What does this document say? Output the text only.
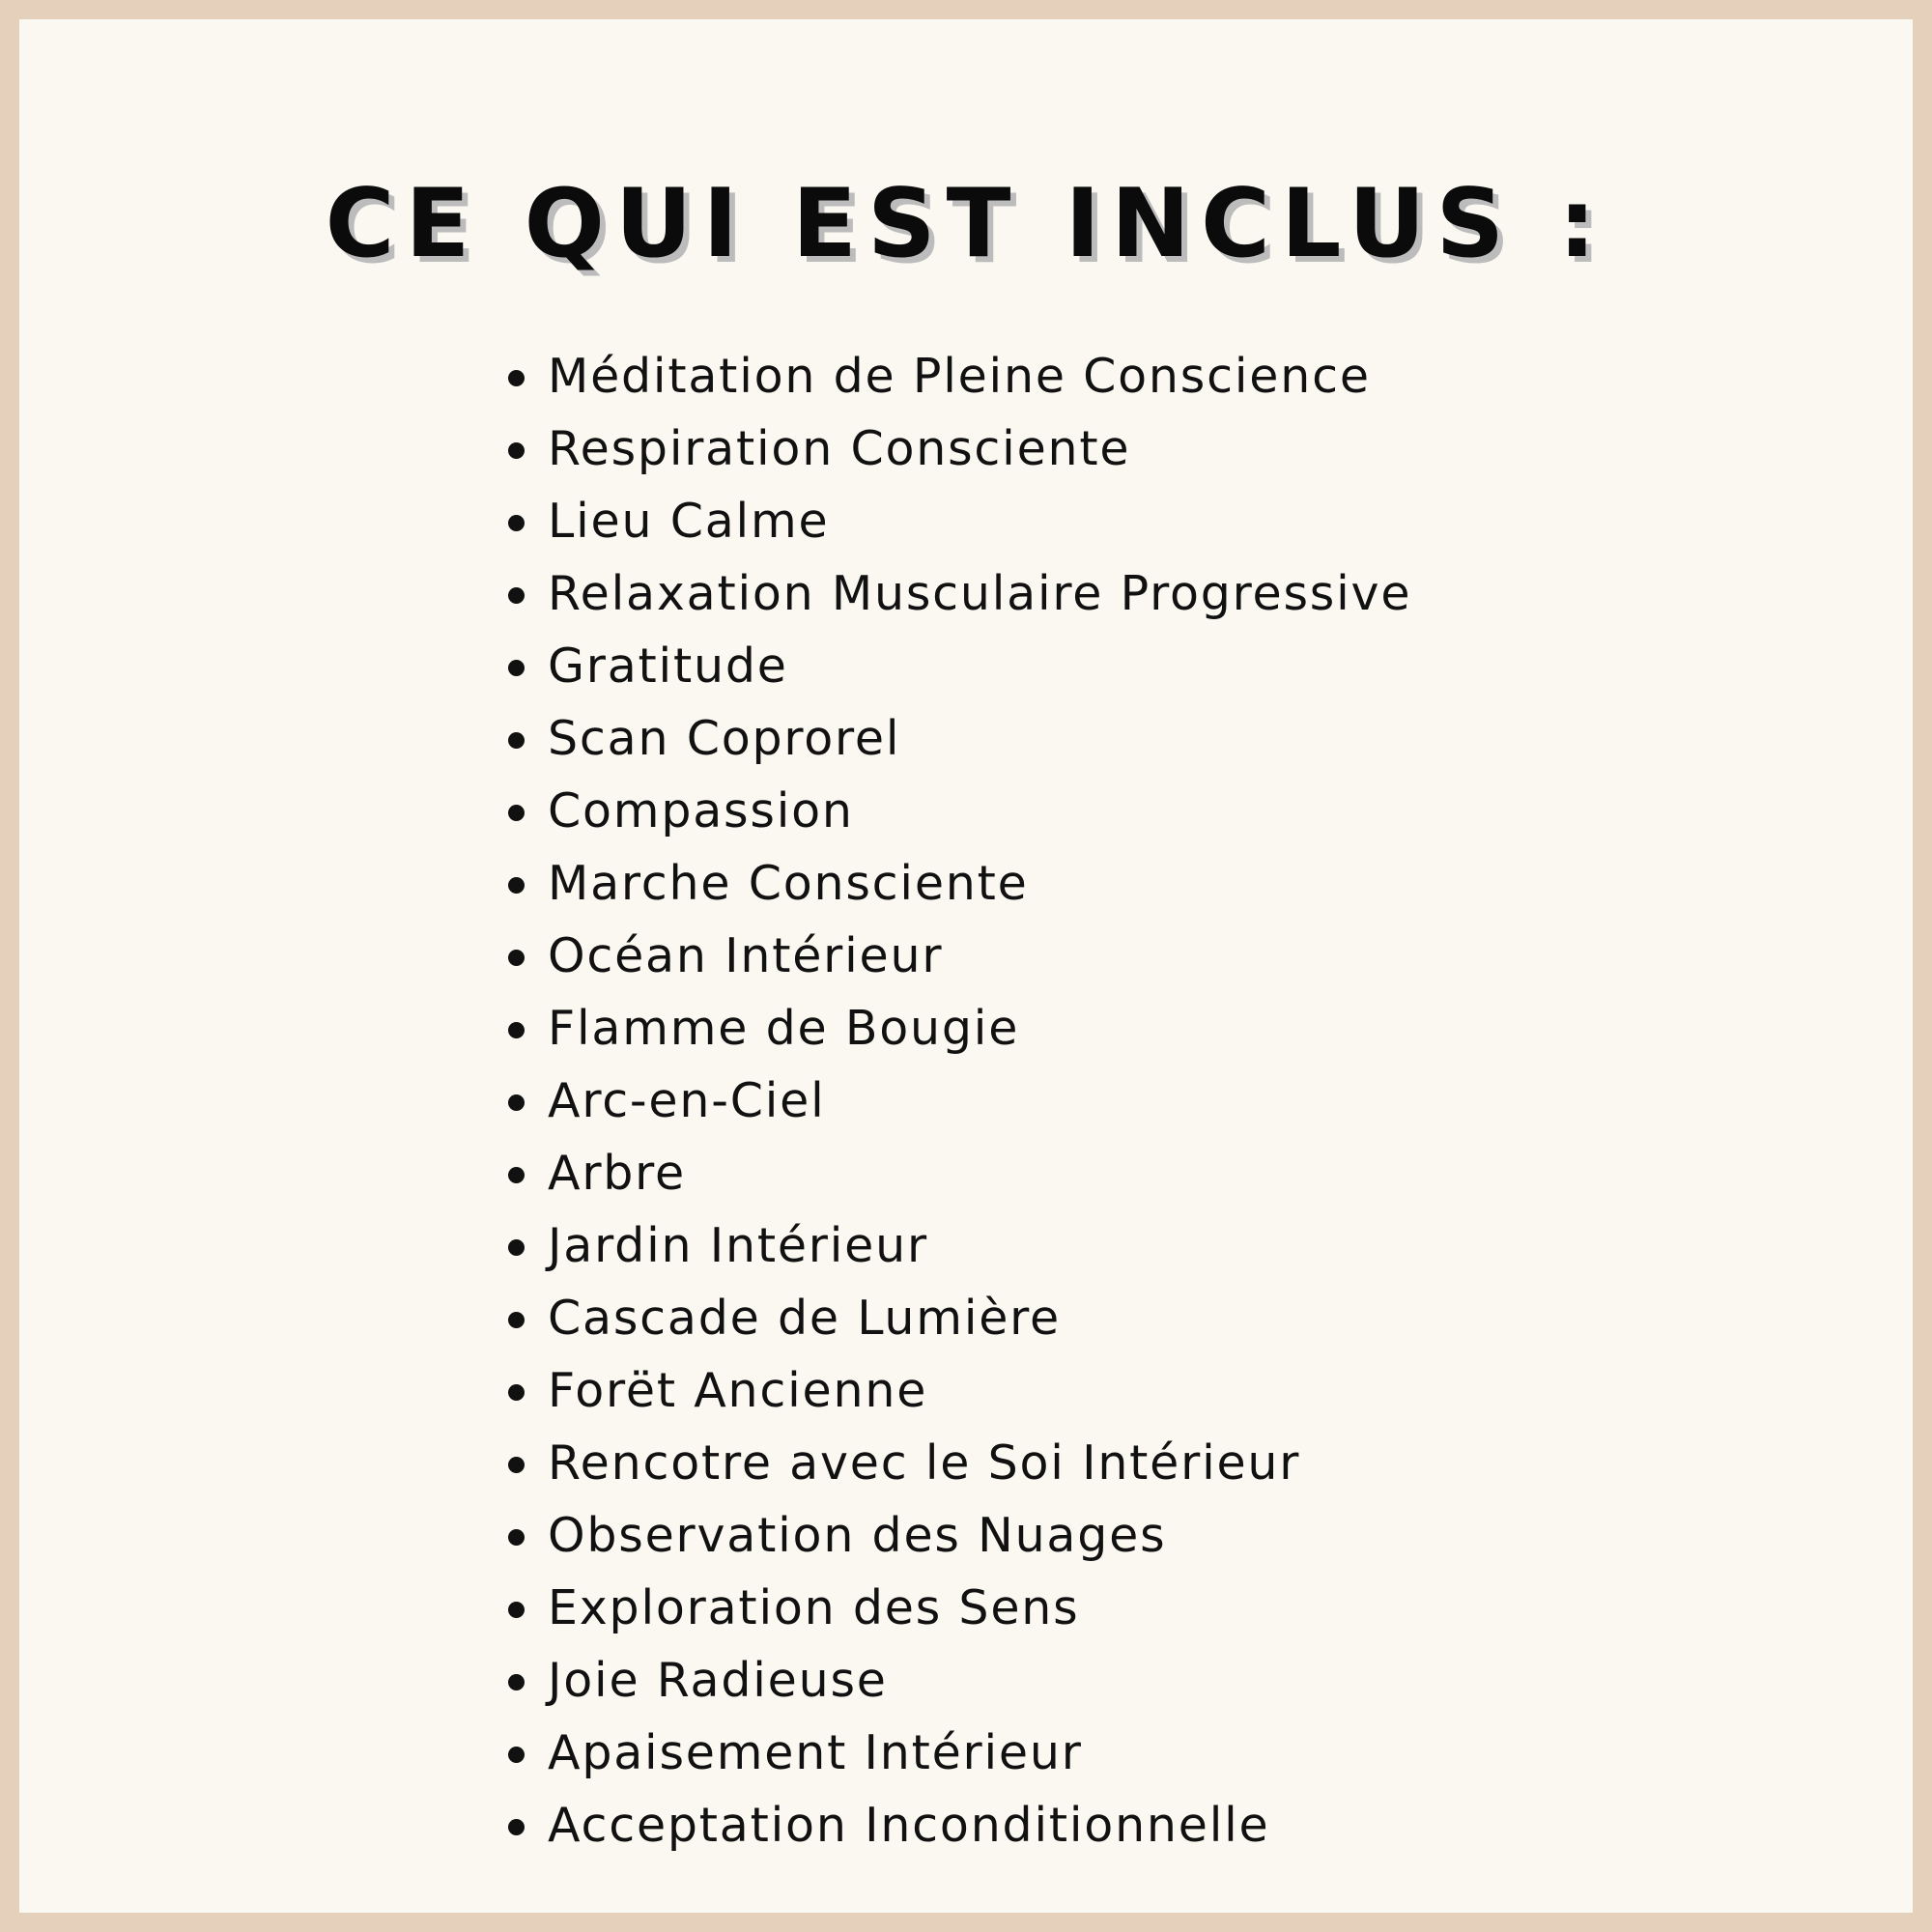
CE QUI EST INCLUS :
Méditation de Pleine Conscience
Respiration Consciente
Lieu Calme
Relaxation Musculaire Progressive
Gratitude
Scan Coprorel
Compassion
Marche Consciente
Océan Intérieur
Flamme de Bougie
Arc-en-Ciel
Arbre
Jardin Intérieur
Cascade de Lumière
Forët Ancienne
Rencotre avec le Soi Intérieur
Observation des Nuages
Exploration des Sens
Joie Radieuse
Apaisement Intérieur
Acceptation Inconditionnelle
